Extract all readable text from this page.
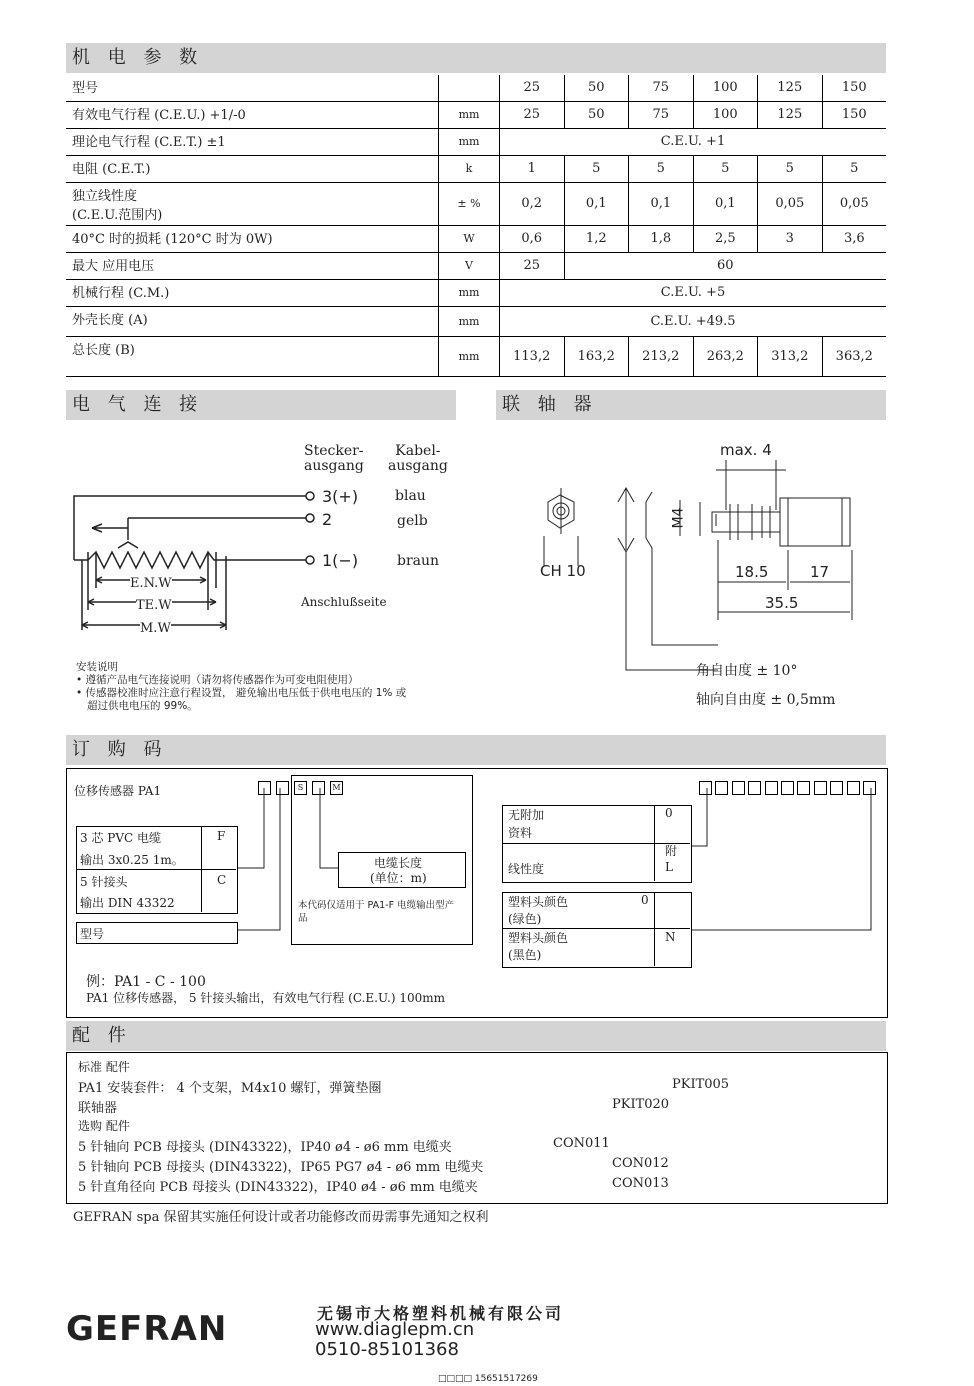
机 电 参 数
型号		25	50	75	100	125	150

有效电气行程 (C.E.U.) +1/-0	mm	25	50	75	100	125	150

理论电气行程 (C.E.T.) ±1	mm	C.E.U. +1					

电阻 (C.E.T.)	k	1	5	5	5	5	5

独立线性度
(C.E.U.范围内)	± %	0,2	0,1	0,1	0,1	0,05	0,05

40°C 时的损耗 (120°C 时为 0W)	W	0,6	1,2	1,8	2,5	3	3,6

最大 应用电压	V	25	60				

机械行程 (C.M.)	mm	C.E.U. +5					

外壳长度 (A)	mm	C.E.U. +49.5					

总长度 (B)	mm	113,2	163,2	213,2	263,2	313,2	363,2
电 气 连 接	联 轴 器
Stecker-
ausgang
Kabel-
ausgang
3(+)
2
1(−)
blau
gelb
braun
E.N.W
TE.W
M.W
Anschlußseite
安装说明
• 遵循产品电气连接说明（请勿将传感器作为可变电阻使用）
• 传感器校准时应注意行程设置， 避免输出电压低于供电电压的 1% 或
超过供电电压的 99%。
max. 4
M4
CH 10	18.5	17
35.5
角自由度 ± 10°
轴向自由度 ± 0,5mm
订 购 码
位移传感器 PA1	S	M
3 芯 PVC 电缆
输出 3x0.25 1m。
F
5 针接头
输出 DIN 43322
C
型号
电缆长度
(单位：m)
本代码仅适用于 PA1-F 电缆输出型产品
无附加
资料
0
线性度
附
L
塑料头颜色
(绿色)
0
塑料头颜色
(黑色)
N
例：PA1 - C - 100
PA1 位移传感器， 5 针接头输出，有效电气行程 (C.E.U.) 100mm
配 件
标准 配件
PA1 安装套件： 4 个支架，M4x10 螺钉，弹簧垫圈	PKIT005
联轴器	PKIT020
选购 配件
5 针轴向 PCB 母接头 (DIN43322)，IP40 ø4 - ø6 mm 电缆夹	CON011
5 针轴向 PCB 母接头 (DIN43322)，IP65 PG7 ø4 - ø6 mm 电缆夹	CON012
5 针直角径向 PCB 母接头 (DIN43322)，IP40 ø4 - ø6 mm 电缆夹	CON013
GEFRAN spa 保留其实施任何设计或者功能修改而毋需事先通知之权利
GEFRAN	无锡市大格塑料机械有限公司
www.diaglepm.cn
0510-85101368
□□□□ 15651517269
